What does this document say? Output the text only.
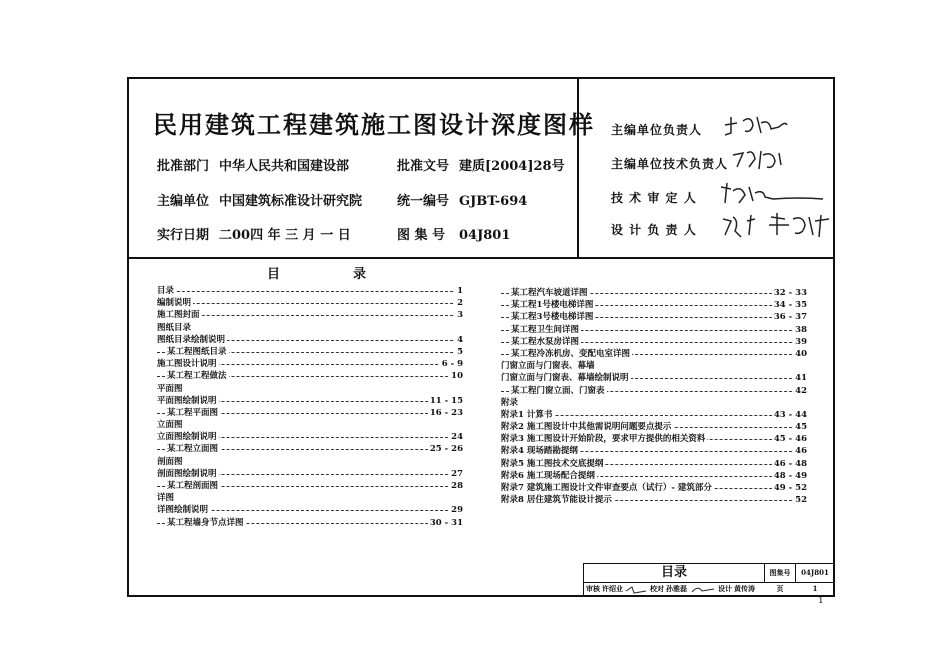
民用建筑工程建筑施工图设计深度图样
批准部门 中华人民共和国建设部	批准文号 建质[2004]28号
主编单位 中国建筑标准设计研究院	统一编号 GJBT-694
实行日期 二00四 年 三 月 一 日	图 集 号 04J801
主编单位负责人
主编单位技术负责人
技 术 审 定 人
设 计 负 责 人
目	录
目录	1
编制说明	2
施工图封面	3
图纸目录
图纸目录绘制说明	4
某工程图纸目录	5
施工图设计说明	6 - 9
某工程工程做法	10
平面图
平面图绘制说明	11 - 15
某工程平面图	16 - 23
立面图
立面图绘制说明	24
某工程立面图	25 - 26
剖面图
剖面图绘制说明	27
某工程剖面图	28
详图
详图绘制说明	29
某工程墙身节点详图	30 - 31
某工程汽车坡道详图	32 - 33
某工程1号楼电梯详图	34 - 35
某工程3号楼电梯详图	36 - 37
某工程卫生间详图	38
某工程水泵房详图	39
某工程冷冻机房、变配电室详图	40
门窗立面与门窗表、幕墙
门窗立面与门窗表、幕墙绘制说明	41
某工程门窗立面、门窗表	42
附录
附录1 计算书	43 - 44
附录2 施工图设计中其他需说明问题要点提示	45
附录3 施工图设计开始阶段，要求甲方提供的相关资料	45 - 46
附录4 现场踏勘提纲	46
附录5 施工图技术交底提纲	46 - 48
附录6 施工现场配合提纲	48 - 49
附录7 建筑施工图设计文件审查要点（试行）- 建筑部分	49 - 52
附录8 居住建筑节能设计提示	52
目录	图集号	04J801
审核 许绍业	校对 孙雅磊	设计 黄传涛	页	1
1
